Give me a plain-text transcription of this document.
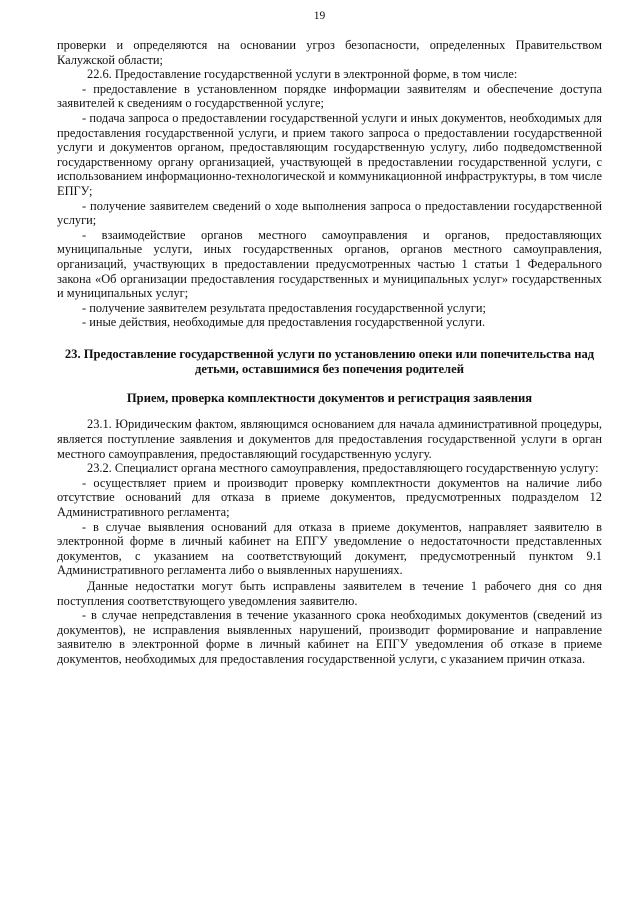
19

проверки и определяются на основании угроз безопасности, определенных Правительством Калужской области;

22.6. Предоставление государственной услуги в электронной форме, в том числе:

- предоставление в установленном порядке информации заявителям и обеспечение доступа заявителей к сведениям о государственной услуге;

- подача запроса о предоставлении государственной услуги и иных документов, необходимых для предоставления государственной услуги, и прием такого запроса о предоставлении государственной услуги и документов органом, предоставляющим государственную услугу, либо подведомственной государственному органу организацией, участвующей в предоставлении государственной услуги, с использованием информационно-технологической и коммуникационной инфраструктуры, в том числе ЕПГУ;

- получение заявителем сведений о ходе выполнения запроса о предоставлении государственной услуги;

- взаимодействие органов местного самоуправления и органов, предоставляющих муниципальные услуги, иных государственных органов, органов местного самоуправления, организаций, участвующих в предоставлении предусмотренных частью 1 статьи 1 Федерального закона «Об организации предоставления государственных и муниципальных услуг» государственных и муниципальных услуг;

- получение заявителем результата предоставления государственной услуги;

- иные действия, необходимые для предоставления государственной услуги.

23. Предоставление государственной услуги по установлению опеки или попечительства над детьми, оставшимися без попечения родителей
Прием, проверка комплектности документов и регистрация заявления

23.1. Юридическим фактом, являющимся основанием для начала административной процедуры, является поступление заявления и документов для предоставления государственной услуги в орган местного самоуправления, предоставляющий государственную услугу.

23.2. Специалист органа местного самоуправления, предоставляющего государственную услугу:

- осуществляет прием и производит проверку комплектности документов на наличие либо отсутствие оснований для отказа в приеме документов, предусмотренных подразделом 12 Административного регламента;

- в случае выявления оснований для отказа в приеме документов, направляет заявителю в электронной форме в личный кабинет на ЕПГУ уведомление о недостаточности представленных документов, с указанием на соответствующий документ, предусмотренный пунктом 9.1 Административного регламента либо о выявленных нарушениях.

Данные недостатки могут быть исправлены заявителем в течение 1 рабочего дня со дня поступления соответствующего уведомления заявителю.

- в случае непредставления в течение указанного срока необходимых документов (сведений из документов), не исправления выявленных нарушений, производит формирование и направление заявителю в электронной форме в личный кабинет на ЕПГУ уведомления об отказе в приеме документов, необходимых для предоставления государственной услуги, с указанием причин отказа.
